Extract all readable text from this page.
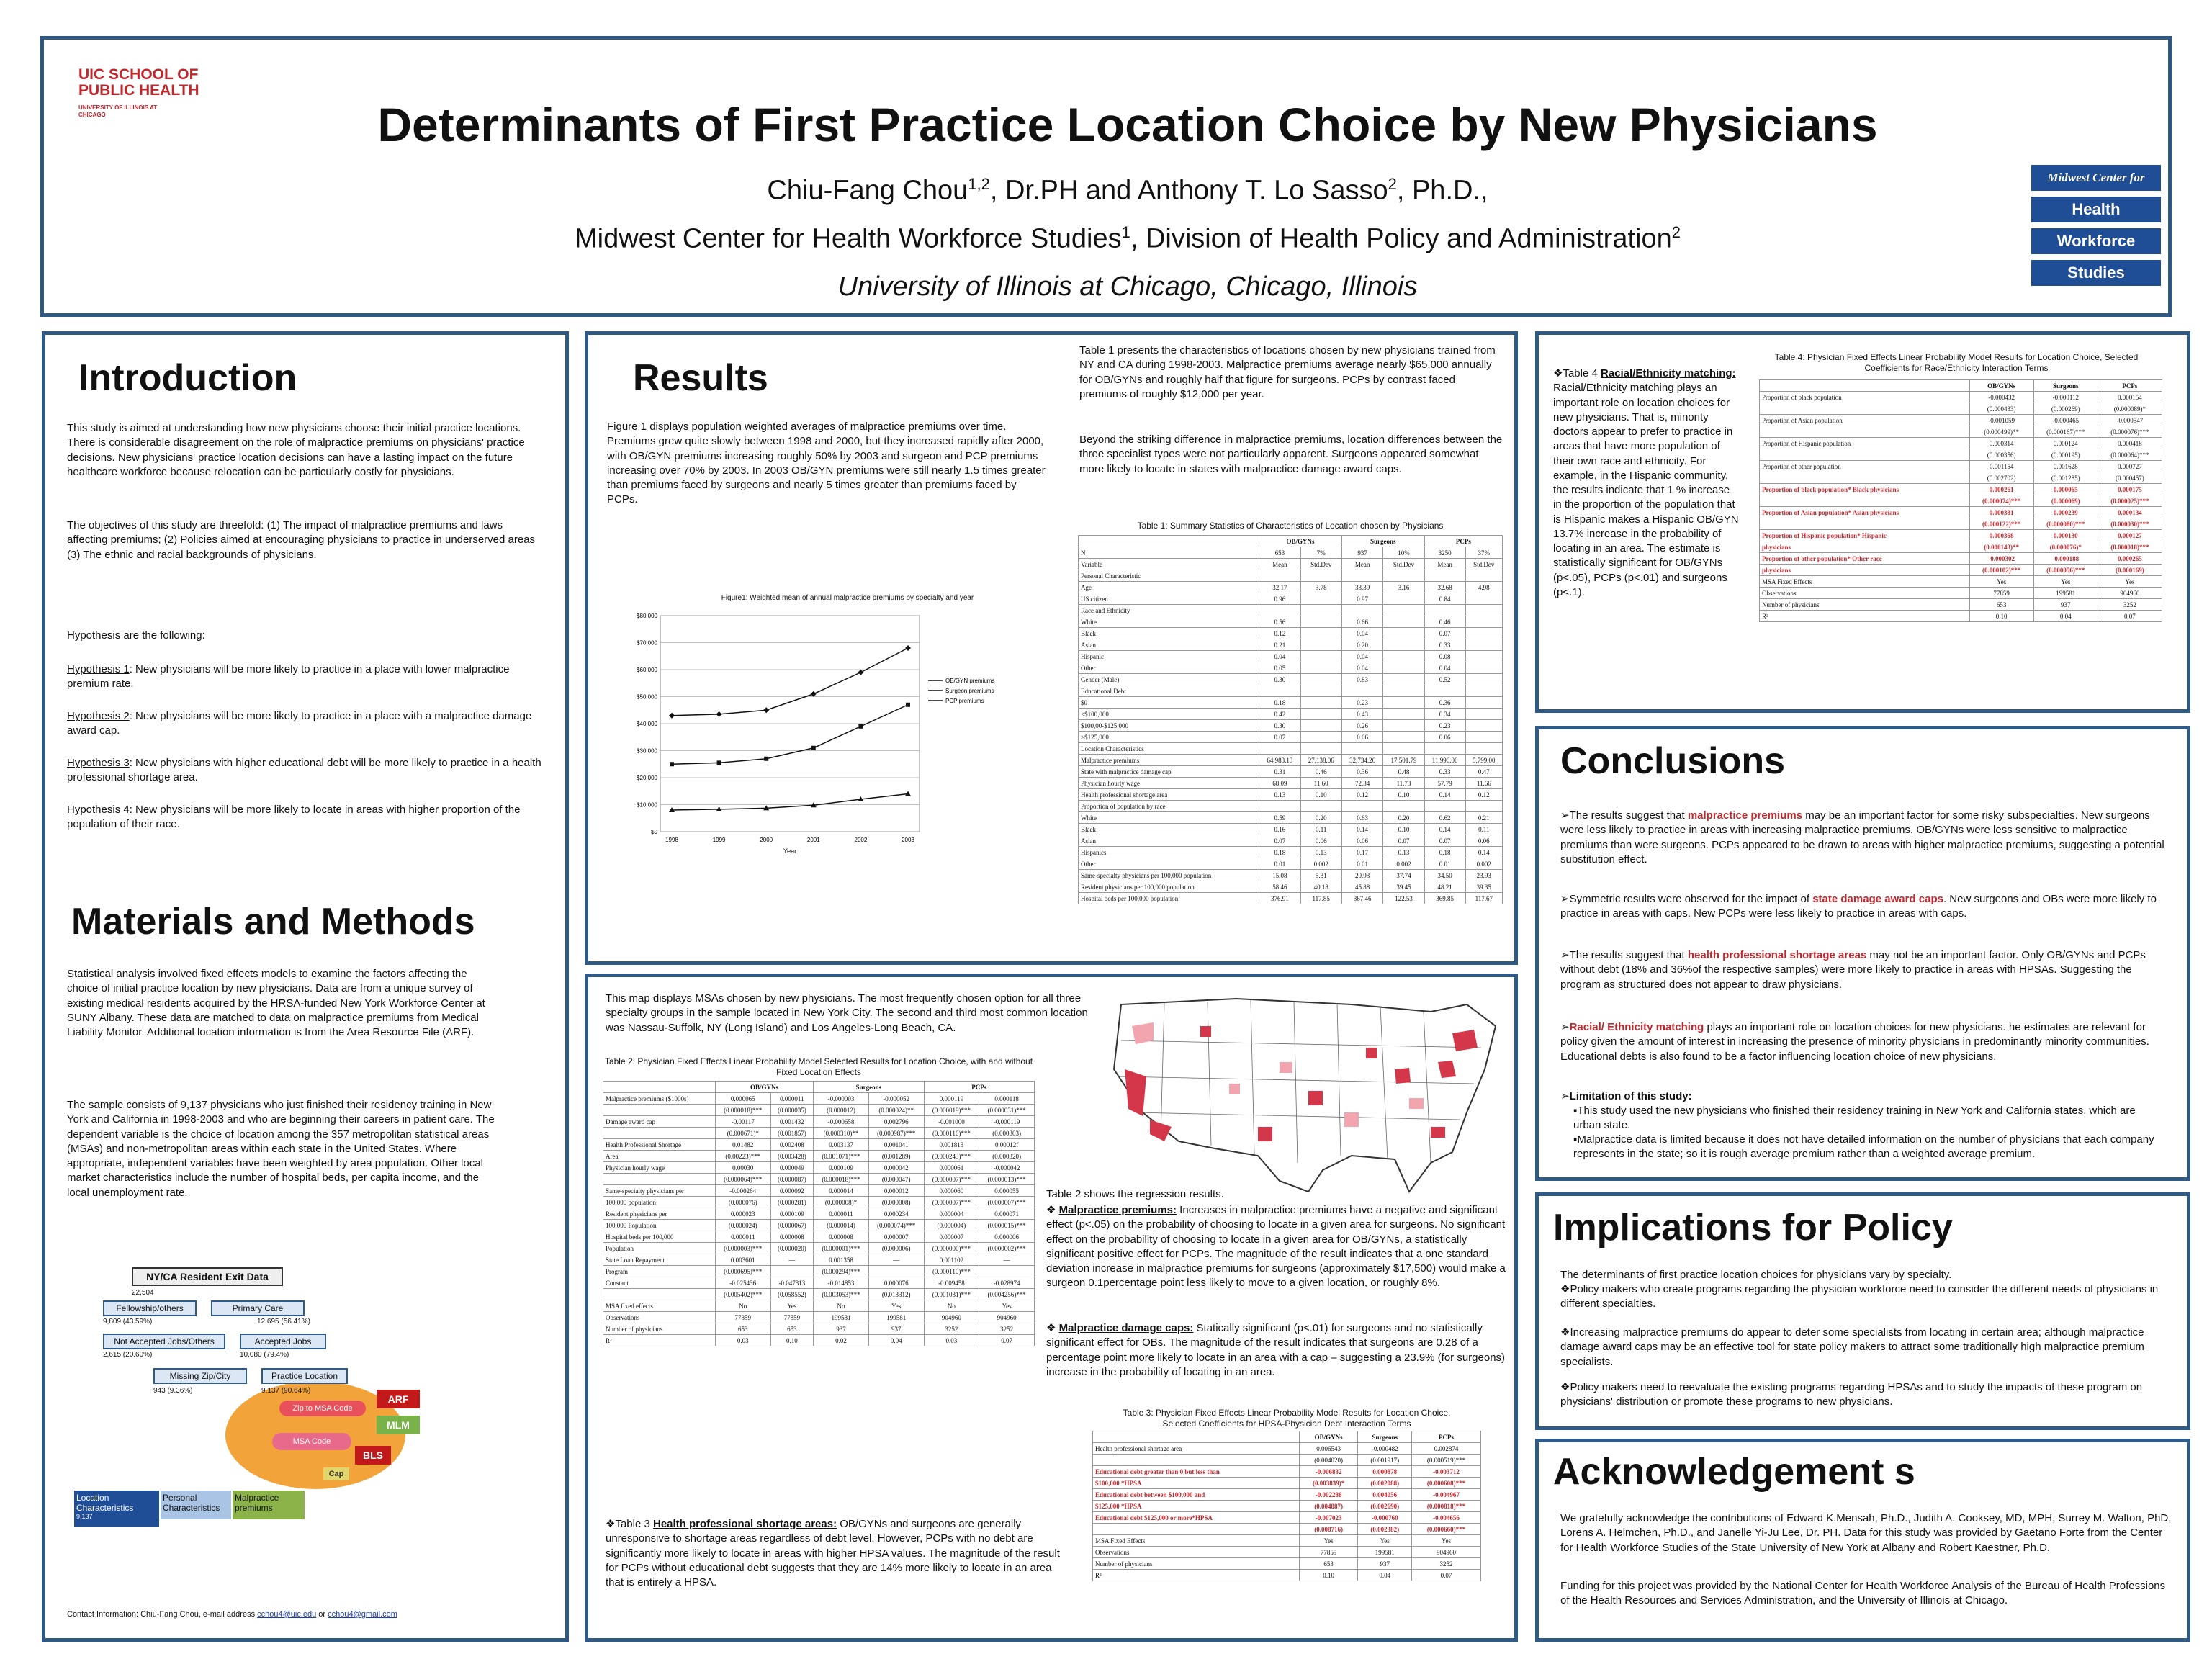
UIC SCHOOL OF PUBLIC HEALTH
UNIVERSITY OF ILLINOIS AT CHICAGO	Determinants of First Practice Location Choice by New Physicians
Chiu-Fang Chou$^{1,2}$, Dr.PH and Anthony T. Lo Sasso$^2$, Ph.D.,
Midwest Center for Health Workforce Studies$^1$, Division of Health Policy and Administration$^2$
University of Illinois at Chicago, Chicago, Illinois
Midwest Center for
Health
Workforce
Studies
Introduction

This study is aimed at understanding how new physicians choose their initial practice locations. There is considerable disagreement on the role of malpractice premiums on physicians' practice decisions. New physicians' practice location decisions can have a lasting impact on the future healthcare workforce because relocation can be particularly costly for physicians.

The objectives of this study are threefold: (1) The impact of malpractice premiums and laws affecting premiums; (2) Policies aimed at encouraging physicians to practice in underserved areas (3) The ethnic and racial backgrounds of physicians.

Hypothesis are the following:

Hypothesis 1: New physicians will be more likely to practice in a place with lower malpractice premium rate.

Hypothesis 2: New physicians will be more likely to practice in a place with a malpractice damage award cap.

Hypothesis 3: New physicians with higher educational debt will be more likely to practice in a health professional shortage area.

Hypothesis 4: New physicians will be more likely to locate in areas with higher proportion of the population of their race.

Materials and Methods

Statistical analysis involved fixed effects models to examine the factors affecting the choice of initial practice location by new physicians. Data are from a unique survey of existing medical residents acquired by the HRSA-funded New York Workforce Center at SUNY Albany. These data are matched to data on malpractice premiums from Medical Liability Monitor. Additional location information is from the Area Resource File (ARF).

The sample consists of 9,137 physicians who just finished their residency training in New York and California in 1998-2003 and who are beginning their careers in patient care. The dependent variable is the choice of location among the 357 metropolitan statistical areas (MSAs) and non-metropolitan areas within each state in the United States. Where appropriate, independent variables have been weighted by area population. Other local market characteristics include the number of hospital beds, per capita income, and the local unemployment rate.

NY/CA Resident Exit Data
22,504
Fellowship/others
9,809 (43.59%)
Primary Care
12,695 (56.41%)
Not Accepted Jobs/Others
2,615 (20.60%)
Accepted Jobs
10,080 (79.4%)
Missing Zip/City
943 (9.36%)
Practice Location
9,137 (90.64%)
Zip to MSA Code
MSA Code
ARF
MLM
BLS
Cap
Location Characteristics
9,137
Personal Characteristics
Malpractice premiums

Contact Information: Chiu-Fang Chou, e-mail address cchou4@uic.edu or cchou4@gmail.com

Results

Figure 1 displays population weighted averages of malpractice premiums over time. Premiums grew quite slowly between 1998 and 2000, but they increased rapidly after 2000, with OB/GYN premiums increasing roughly 50% by 2003 and surgeon and PCP premiums increasing over 70% by 2003. In 2003 OB/GYN premiums were still nearly 1.5 times greater than premiums faced by surgeons and nearly 5 times greater than premiums faced by PCPs.

Table 1 presents the characteristics of locations chosen by new physicians trained from NY and CA during 1998-2003. Malpractice premiums average nearly $65,000 annually for OB/GYNs and roughly half that figure for surgeons. PCPs by contrast faced premiums of roughly $12,000 per year.

Beyond the striking difference in malpractice premiums, location differences between the three specialist types were not particularly apparent. Surgeons appeared somewhat more likely to locate in states with malpractice damage award caps.

Figure1: Weighted mean of annual malpractice premiums by specialty and year
$0
$10,000
$20,000
$30,000
$40,000
$50,000
$60,000
$70,000
$80,000
1998	1999	2000	2001	2002	2003
Year
OB/GYN premiums
Surgeon premiums
PCP premiums
Table 1: Summary Statistics of Characteristics of Location chosen by Physicians
	OB/GYNs		Surgeons		PCPs	
N	653	7%	937	10%	3250	37%
Variable	Mean	Std.Dev	Mean	Std.Dev	Mean	Std.Dev
Personal Characteristic						
Age	32.17	3.78	33.39	3.16	32.68	4.98
US citizen	0.96		0.97		0.84	
Race and Ethnicity						
White	0.56		0.66		0.46	
Black	0.12		0.04		0.07	
Asian	0.21		0.20		0.33	
Hispanic	0.04		0.04		0.08	
Other	0.05		0.04		0.04	
Gender (Male)	0.30		0.83		0.52	
Educational Debt						
$0	0.18		0.23		0.36	
<$100,000	0.42		0.43		0.34	
$100,00-$125,000	0.30		0.26		0.23	
>$125,000	0.07		0.06		0.06	
Location Characteristics						
Malpractice premiums	64,983.13	27,138.06	32,734.26	17,501.79	11,996.00	5,799.00
State with malpractice damage cap	0.31	0.46	0.36	0.48	0.33	0.47
Physician hourly wage	68.09	11.60	72.34	11.73	57.79	11.66
Health professional shortage area	0.13	0.10	0.12	0.10	0.14	0.12
Proportion of population by race						
White	0.59	0.20	0.63	0.20	0.62	0.21
Black	0.16	0.11	0.14	0.10	0.14	0.11
Asian	0.07	0.06	0.06	0.07	0.07	0.06
Hispanics	0.18	0.13	0.17	0.13	0.18	0.14
Other	0.01	0.002	0.01	0.002	0.01	0.002
Same-specialty physicians per 100,000 population	15.08	5.31	20.93	37.74	34.50	23.93
Resident physicians per 100,000 population	58.46	40.18	45.88	39.45	48.21	39.35
Hospital beds per 100,000 population	376.91	117.85	367.46	122.53	369.85	117.67

This map displays MSAs chosen by new physicians. The most frequently chosen option for all three specialty groups in the sample located in New York City. The second and third most common location was Nassau-Suffolk, NY (Long Island) and Los Angeles-Long Beach, CA.

Table 2: Physician Fixed Effects Linear Probability Model Selected Results for Location Choice, with and without Fixed Location Effects
	OB/GYNs		Surgeons		PCPs	
Malpractice premiums ($1000s)	0.000065	0.000011	-0.000003	-0.000052	0.000119	0.000118
	(0.000018)***	(0.000035)	(0.000012)	(0.000024)**	(0.000019)***	(0.000031)***
Damage award cap	-0.00117	0.001432	-0.000658	0.002796	-0.001000	-0.000119
	(0.000671)*	(0.001857)	(0.000310)**	(0.000987)***	(0.000116)***	(0.000303)
Health Professional Shortage	0.01482	0.002408	0.003137	0.001041	0.001813	0.00012f
Area	(0.00223)***	(0.003428)	(0.001071)***	(0.001289)	(0.000243)***	(0.000320)
Physician hourly wage	0.00030	0.000049	0.000109	0.000042	0.000061	-0.000042
	(0.000064)***	(0.000087)	(0.000018)***	(0.000047)	(0.000007)***	(0.000013)***
Same-specialty physicians per	-0.000264	0.000092	0.000014	0.000012	0.000060	0.000055
100,000 population	(0.000076)	(0.000281)	(0.000008)*	(0.000008)	(0.000007)***	(0.000007)***
Resident physicians per	0.000023	0.000109	0.000011	0.000234	0.000004	0.000071
100,000 Population	(0.000024)	(0.000067)	(0.000014)	(0.000074)***	(0.000004)	(0.000015)***
Hospital beds per 100,000	0.000011	0.000008	0.000008	0.000007	0.000007	0.000006
Population	(0.000003)***	(0.000020)	(0.000001)***	(0.000006)	(0.000000)***	(0.000002)***
State Loan Repayment	0.003601	—	0.001358	—	0.001102	—
Program	(0.000695)***		(0.000294)***		(0.000110)***	
Constant	-0.025436	-0.047313	-0.014853	0.000076	-0.009458	-0.028974
	(0.005402)***	(0.058552)	(0.003053)***	(0.013312)	(0.001031)***	(0.004256)***
MSA fixed effects	No	Yes	No	Yes	No	Yes
Observations	77859	77859	199581	199581	904960	904960
Number of physicians	653	653	937	937	3252	3252
R²	0.03	0.10	0.02	0.04	0.03	0.07

Table 2 shows the regression results.

❖ Malpractice premiums: Increases in malpractice premiums have a negative and significant effect (p<.05) on the probability of choosing to locate in a given area for surgeons. No significant effect on the probability of choosing to locate in a given area for OB/GYNs, a statistically significant positive effect for PCPs. The magnitude of the result indicates that a one standard deviation increase in malpractice premiums for surgeons (approximately $17,500) would make a surgeon 0.1percentage point less likely to move to a given location, or roughly 8%.

❖ Malpractice damage caps: Statically significant (p<.01) for surgeons and no statistically significant effect for OBs. The magnitude of the result indicates that surgeons are 0.28 of a percentage point more likely to locate in an area with a cap – suggesting a 23.9% (for surgeons) increase in the probability of locating in an area.

Table 3: Physician Fixed Effects Linear Probability Model Results for Location Choice, Selected Coefficients for HPSA-Physician Debt Interaction Terms
	OB/GYNs	Surgeons	PCPs
Health professional shortage area	0.006543	-0.000482	0.002874
	(0.004020)	(0.001917)	(0.000519)***
Educational debt greater than 0 but less than	-0.006832	0.000878	-0.003712
$100,000 *HPSA	(0.003839)*	(0.002088)	(0.000608)***
Educational debt between $100,000 and	-0.002288	0.004056	-0.004967
$125,000 *HPSA	(0.004887)	(0.002690)	(0.000818)***
Educational debt $125,000 or more*HPSA	-0.007023	-0.000760	-0.004656
	(0.008716)	(0.002382)	(0.000660)***
MSA Fixed Effects	Yes	Yes	Yes
Observations	77859	199581	904960
Number of physicians	653	937	3252
R²	0.10	0.04	0.07

❖Table 3 Health professional shortage areas: OB/GYNs and surgeons are generally unresponsive to shortage areas regardless of debt level. However, PCPs with no debt are significantly more likely to locate in areas with higher HPSA values. The magnitude of the result for PCPs without educational debt suggests that they are 14% more likely to locate in an area that is entirely a HPSA.

❖Table 4 Racial/Ethnicity matching: Racial/Ethnicity matching plays an important role on location choices for new physicians. That is, minority doctors appear to prefer to practice in areas that have more population of their own race and ethnicity. For example, in the Hispanic community, the results indicate that 1 % increase in the proportion of the population that is Hispanic makes a Hispanic OB/GYN 13.7% increase in the probability of locating in an area. The estimate is statistically significant for OB/GYNs (p<.05), PCPs (p<.01) and surgeons (p<.1).

Table 4: Physician Fixed Effects Linear Probability Model Results for Location Choice, Selected Coefficients for Race/Ethnicity Interaction Terms
	OB/GYNs	Surgeons	PCPs
Proportion of black population	-0.000432	-0.000112	0.000154
	(0.000433)	(0.000269)	(0.000089)*
Proportion of Asian population	-0.001059	-0.000465	-0.000547
	(0.000499)**	(0.000167)***	(0.000076)***
Proportion of Hispanic population	0.000314	0.000124	0.000418
	(0.000356)	(0.000195)	(0.000064)***
Proportion of other population	0.001154	0.001628	0.000727
	(0.002702)	(0.001285)	(0.000457)
Proportion of black population* Black physicians	0.000261	0.000065	0.000175
	(0.000074)***	(0.000069)	(0.000025)***
Proportion of Asian population* Asian physicians	0.000381	0.000239	0.000134
	(0.000122)***	(0.000080)***	(0.000030)***
Proportion of Hispanic population* Hispanic	0.000368	0.000130	0.000127
physicians	(0.000143)**	(0.000076)*	(0.000018)***
Proportion of other population* Other race	-0.000302	-0.000188	0.000265
physicians	(0.000102)***	(0.000056)***	(0.000169)
MSA Fixed Effects	Yes	Yes	Yes
Observations	77859	199581	904960
Number of physicians	653	937	3252
R²	0.10	0.04	0.07
Conclusions

➢The results suggest that malpractice premiums may be an important factor for some risky subspecialties. New surgeons were less likely to practice in areas with increasing malpractice premiums. OB/GYNs were less sensitive to malpractice premiums than were surgeons. PCPs appeared to be drawn to areas with higher malpractice premiums, suggesting a potential substitution effect.

➢Symmetric results were observed for the impact of state damage award caps. New surgeons and OBs were more likely to practice in areas with caps. New PCPs were less likely to practice in areas with caps.

➢The results suggest that health professional shortage areas may not be an important factor. Only OB/GYNs and PCPs without debt (18% and 36%of the respective samples) were more likely to practice in areas with HPSAs. Suggesting the program as structured does not appear to draw physicians.

➢Racial/ Ethnicity matching plays an important role on location choices for new physicians. he estimates are relevant for policy given the amount of interest in increasing the presence of minority physicians in predominantly minority communities. Educational debts is also found to be a factor influencing location choice of new physicians.

➢Limitation of this study:

▪This study used the new physicians who finished their residency training in New York and California states, which are urban state.

▪Malpractice data is limited because it does not have detailed information on the number of physicians that each company represents in the state; so it is rough average premium rather than a weighted average premium.

Implications for Policy

The determinants of first practice location choices for physicians vary by specialty.

❖Policy makers who create programs regarding the physician workforce need to consider the different needs of physicians in different specialties.

❖Increasing malpractice premiums do appear to deter some specialists from locating in certain area; although malpractice damage award caps may be an effective tool for state policy makers to attract some traditionally high malpractice premium specialists.

❖Policy makers need to reevaluate the existing programs regarding HPSAs and to study the impacts of these program on physicians' distribution or promote these programs to new physicians.

Acknowledgement s

We gratefully acknowledge the contributions of Edward K.Mensah, Ph.D., Judith A. Cooksey, MD, MPH, Surrey M. Walton, PhD, Lorens A. Helmchen, Ph.D., and Janelle Yi-Ju Lee, Dr. PH. Data for this study was provided by Gaetano Forte from the Center for Health Workforce Studies of the State University of New York at Albany and Robert Kaestner, Ph.D.

Funding for this project was provided by the National Center for Health Workforce Analysis of the Bureau of Health Professions of the Health Resources and Services Administration, and the University of Illinois at Chicago.
